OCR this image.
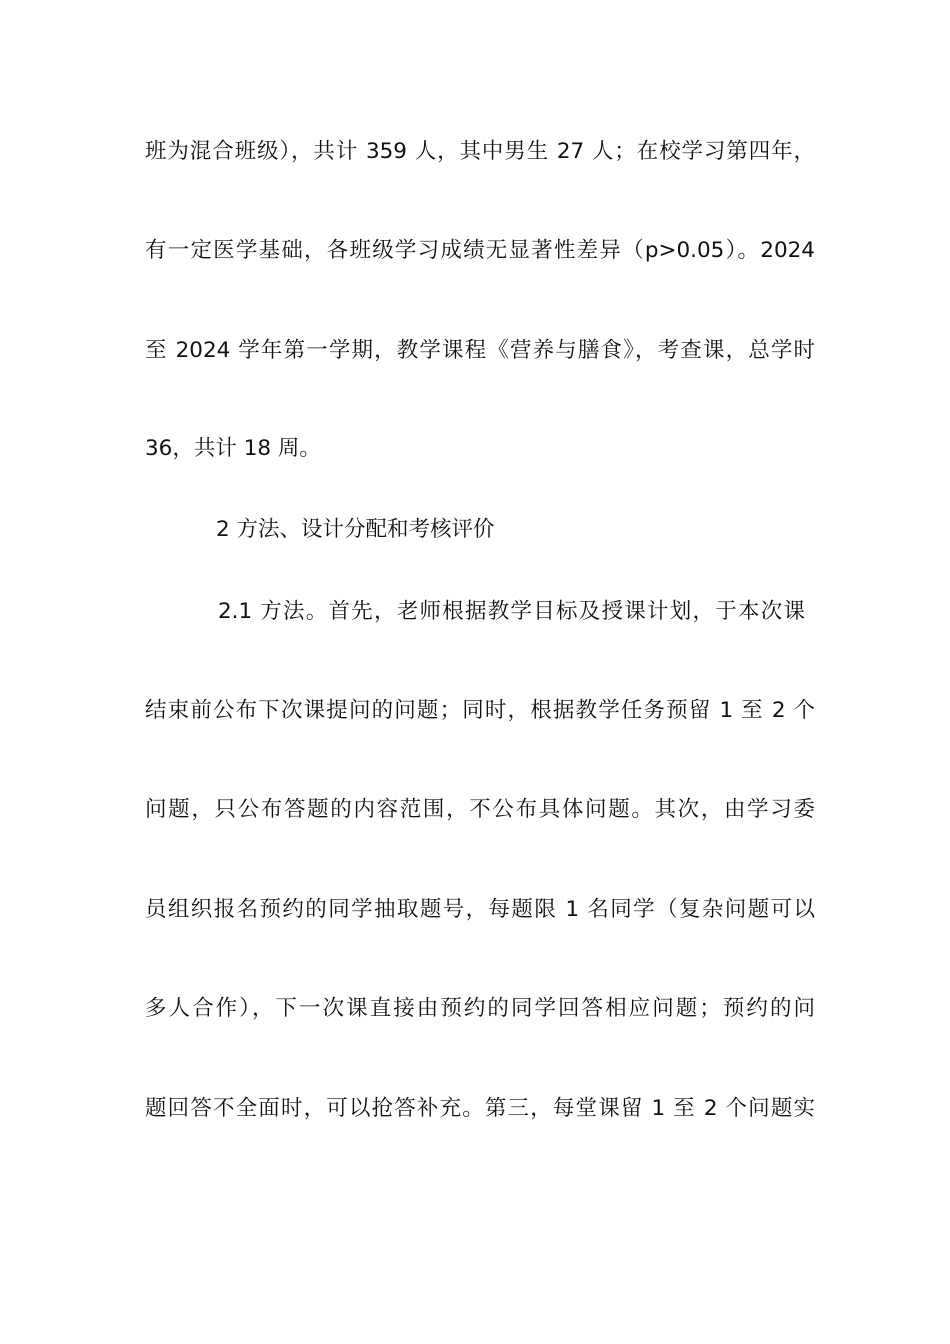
班为混合班级），共计 359 人，其中男生 27 人；在校学习第四年，
有一定医学基础，各班级学习成绩无显著性差异（p>0.05）。2024
至 2024 学年第一学期，教学课程《营养与膳食》，考查课，总学时
36，共计 18 周。
2 方法、设计分配和考核评价
2.1 方法。首先，老师根据教学目标及授课计划，于本次课
结束前公布下次课提问的问题；同时，根据教学任务预留 1 至 2 个
问题，只公布答题的内容范围，不公布具体问题。其次，由学习委
员组织报名预约的同学抽取题号，每题限 1 名同学（复杂问题可以
多人合作），下一次课直接由预约的同学回答相应问题；预约的问
题回答不全面时，可以抢答补充。第三，每堂课留 1 至 2 个问题实
